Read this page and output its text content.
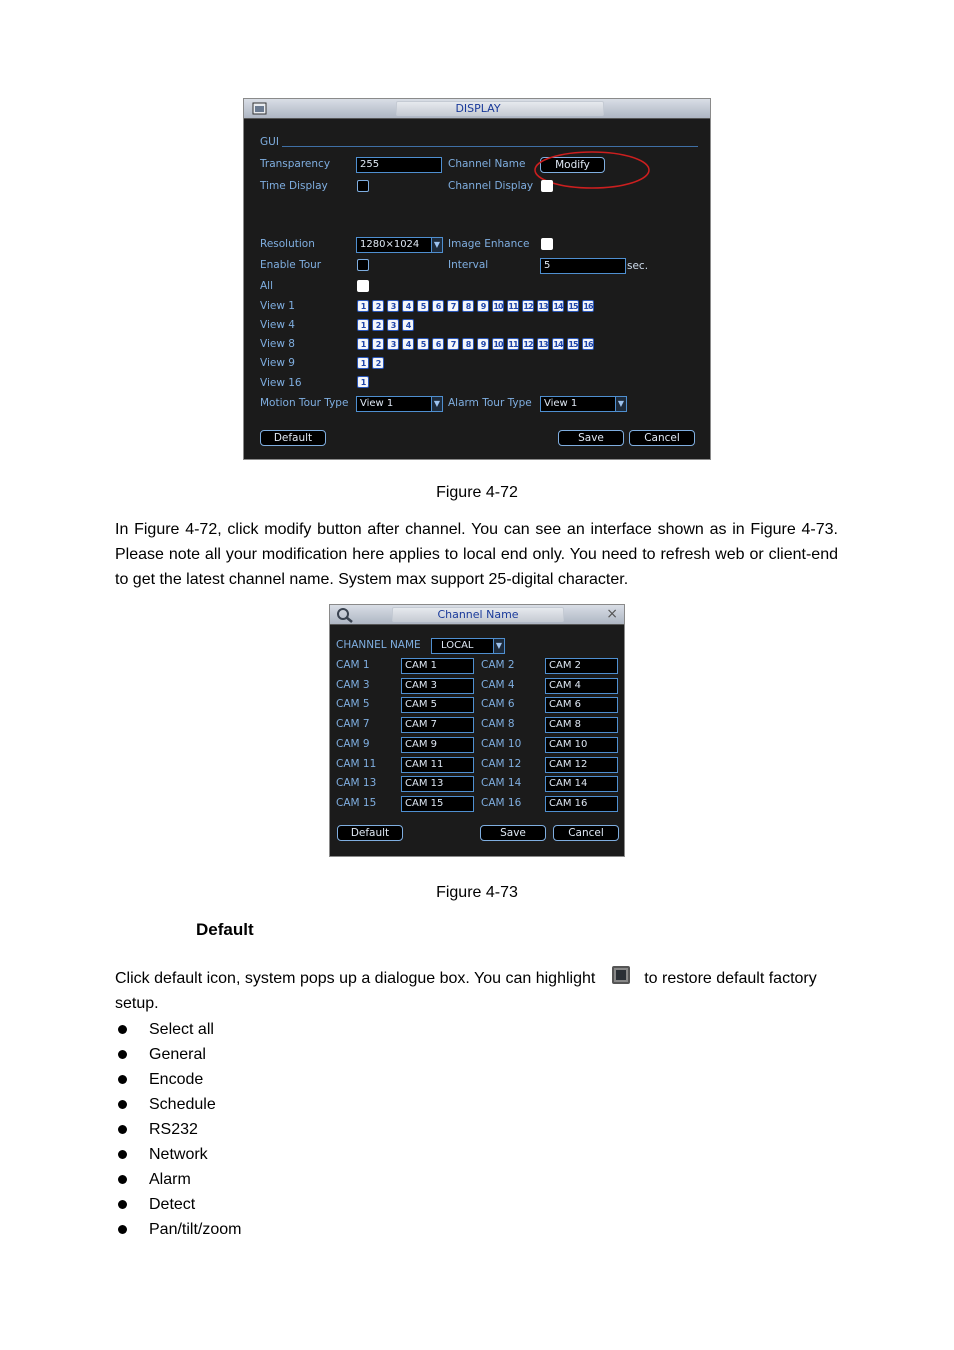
DISPLAY
GUI
Transparency	255	Channel Name	Modify
Time Display	Channel Display
Resolution	1280×1024	▼ Image Enhance
Enable Tour	Interval	5	sec.
All
View 1	1	2	3	4	5	6	7	8	9	10 11 12 13 14 15 16
View 4	1	2	3	4
View 8	1	2	3	4	5	6	7	8	9	10 11 12 13 14 15 16
View 9	1	2
View 16	1
Motion Tour Type	View 1	▼ Alarm Tour Type	View 1	▼
Default	Save	Cancel
Figure 4-72
In Figure 4-72, click modify button after channel. You can see an interface shown as in Figure 4-73. Please note all your modification here applies to local end only. You need to refresh web or client-end to get the latest channel name. System max support 25-digital character.
Channel Name	×
CHANNEL NAME	LOCAL	▼
CAM 1	CAM 1	CAM 2	CAM 2
CAM 3	CAM 3	CAM 4	CAM 4
CAM 5	CAM 5	CAM 6	CAM 6
CAM 7	CAM 7	CAM 8	CAM 8
CAM 9	CAM 9	CAM 10	CAM 10
CAM 11	CAM 11	CAM 12	CAM 12
CAM 13	CAM 13	CAM 14	CAM 14
CAM 15	CAM 15	CAM 16	CAM 16
Default	Save	Cancel
Figure 4-73
Default
Click default icon, system pops up a dialogue box. You can highlight	to restore default factory
setup.
Select all
General
Encode
Schedule
RS232
Network
Alarm
Detect
Pan/tilt/zoom
